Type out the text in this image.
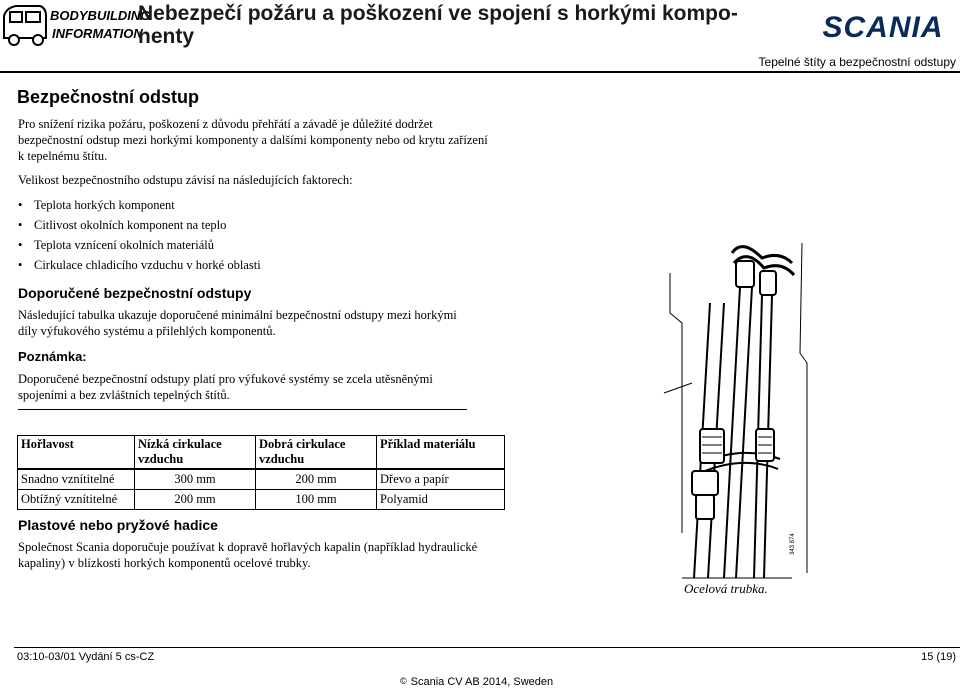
BODYBUILDING
INFORMATION
Nebezpečí požáru a poškození ve spojení s horkými kompo-
nenty	SCANIA
Tepelné štíty a bezpečnostní odstupy
Bezpečnostní odstup
Pro snížení rizika požáru, poškození z důvodu přehřátí a závadě je důležité dodržet bezpečnostní odstup mezi horkými komponenty a dalšími komponenty nebo od krytu zařízení k tepelnému štítu.
Velikost bezpečnostního odstupu závisí na následujících faktorech:
• Teplota horkých komponent
• Citlivost okolních komponent na teplo
• Teplota vznícení okolních materiálů
• Cirkulace chladicího vzduchu v horké oblasti
Doporučené bezpečnostní odstupy
Následující tabulka ukazuje doporučené minimální bezpečnostní odstupy mezi horkými díly výfukového systému a přilehlých komponentů.
Poznámka:
Doporučené bezpečnostní odstupy platí pro výfukové systémy se zcela utěsněnými spojeními a bez zvláštních tepelných štítů.
Hořlavost	Nízká cirkulace vzduchu	Dobrá cirkulace vzduchu	Příklad materiálu
Snadno vznítitelné	300 mm	200 mm	Dřevo a papír
Obtížný vznítitelné	200 mm	100 mm	Polyamid
Plastové nebo pryžové hadice
Společnost Scania doporučuje používat k dopravě hořlavých kapalin (například hydraulické kapaliny) v blízkosti horkých komponentů ocelové trubky.
343 874
Ocelová trubka.
03:10-03/01 Vydání 5 cs-CZ	15 (19)
© Scania CV AB 2014, Sweden
